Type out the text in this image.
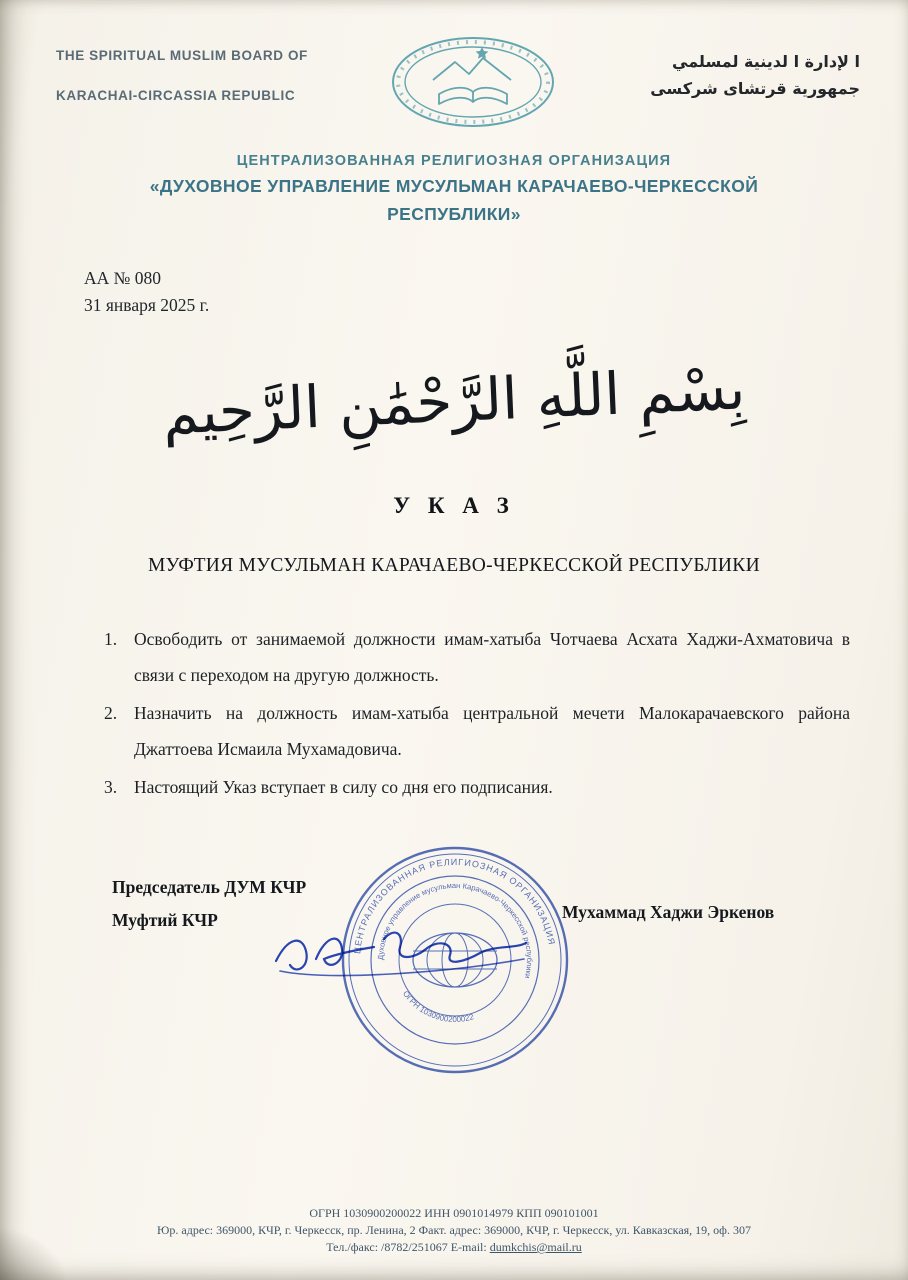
THE SPIRITUAL MUSLIM BOARD OF
KARACHAI-CIRCASSIA REPUBLIC
ا لإدارة ا لدينية لمسلمي
جمهورية قرتشاى شركسى
ЦЕНТРАЛИЗОВАННАЯ РЕЛИГИОЗНАЯ ОРГАНИЗАЦИЯ
«ДУХОВНОЕ УПРАВЛЕНИЕ МУСУЛЬМАН КАРАЧАЕВО-ЧЕРКЕССКОЙ
РЕСПУБЛИКИ»
АА № 080
31 января 2025 г.
بِسْمِ اللَّهِ الرَّحْمَٰنِ الرَّحِيم
У К А З
МУФТИЯ МУСУЛЬМАН КАРАЧАЕВО-ЧЕРКЕССКОЙ РЕСПУБЛИКИ
1. Освободить от занимаемой должности имам-хатыба Чотчаева Асхата Хаджи-Ахматовича в связи с переходом на другую должность.
2. Назначить на должность имам-хатыба центральной мечети Малокарачаевского района Джаттоева Исмаила Мухамадовича.
3. Настоящий Указ вступает в силу со дня его подписания.
Председатель ДУМ КЧР
Муфтий КЧР
ЦЕНТРАЛИЗОВАННАЯ РЕЛИГИОЗНАЯ ОРГАНИЗАЦИЯ
Духовное управление мусульман Карачаево-Черкесской республики
ОГРН 1030900200022
Мухаммад Хаджи Эркенов
ОГРН 1030900200022 ИНН 0901014979 КПП 090101001
Юр. адрес: 369000, КЧР, г. Черкесск, пр. Ленина, 2 Факт. адрес: 369000, КЧР, г. Черкесск, ул. Кавказская, 19, оф. 307
Тел./факс: /8782/251067 E-mail: dumkchis@mail.ru
